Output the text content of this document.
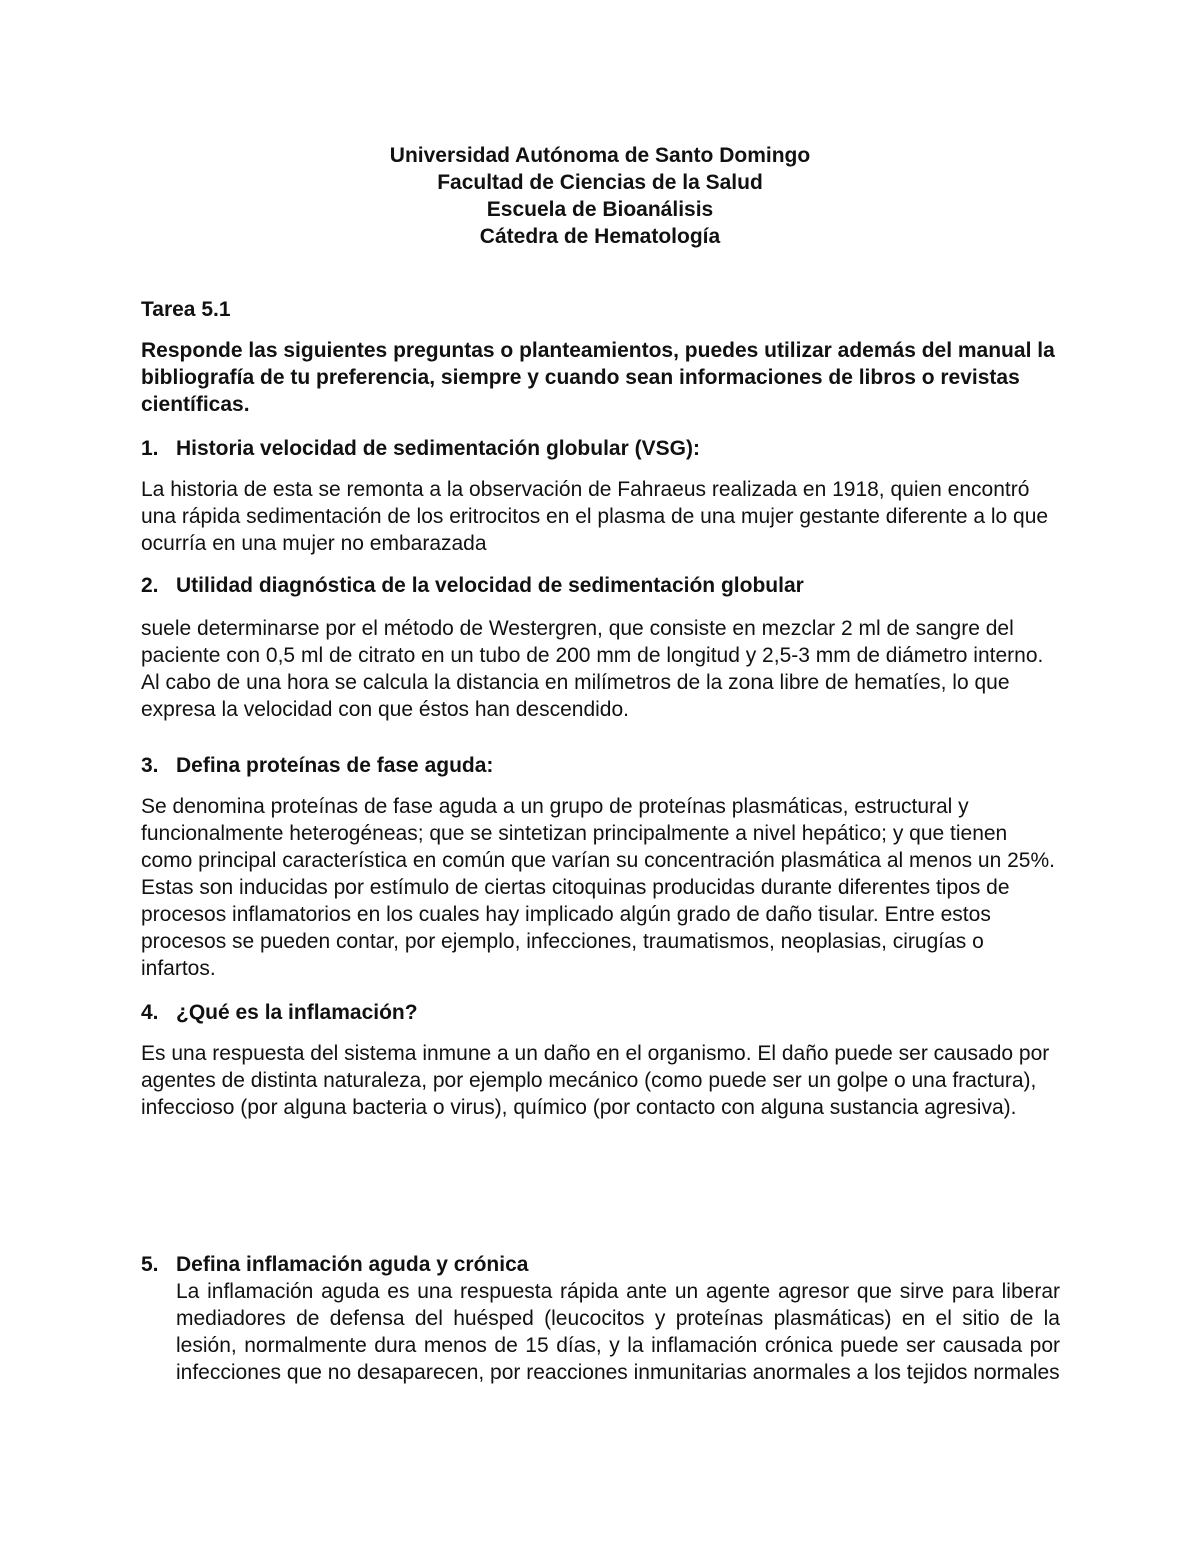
Universidad Autónoma de Santo Domingo
Facultad de Ciencias de la Salud
Escuela de Bioanálisis
Cátedra de Hematología
Tarea 5.1
Responde las siguientes preguntas o planteamientos, puedes utilizar además del manual la bibliografía de tu preferencia, siempre y cuando sean informaciones de libros o revistas científicas.
1. Historia velocidad de sedimentación globular (VSG):
La historia de esta se remonta a la observación de Fahraeus realizada en 1918, quien encontró una rápida sedimentación de los eritrocitos en el plasma de una mujer gestante diferente a lo que ocurría en una mujer no embarazada
2. Utilidad diagnóstica de la velocidad de sedimentación globular
suele determinarse por el método de Westergren, que consiste en mezclar 2 ml de sangre del paciente con 0,5 ml de citrato en un tubo de 200 mm de longitud y 2,5-3 mm de diámetro interno. Al cabo de una hora se calcula la distancia en milímetros de la zona libre de hematíes, lo que expresa la velocidad con que éstos han descendido.
3. Defina proteínas de fase aguda:
Se denomina proteínas de fase aguda a un grupo de proteínas plasmáticas, estructural y funcionalmente heterogéneas; que se sintetizan principalmente a nivel hepático; y que tienen como principal característica en común que varían su concentración plasmática al menos un 25%. Estas son inducidas por estímulo de ciertas citoquinas producidas durante diferentes tipos de procesos inflamatorios en los cuales hay implicado algún grado de daño tisular. Entre estos procesos se pueden contar, por ejemplo, infecciones, traumatismos, neoplasias, cirugías o infartos.
4. ¿Qué es la inflamación?
Es una respuesta del sistema inmune a un daño en el organismo. El daño puede ser causado por agentes de distinta naturaleza, por ejemplo mecánico (como puede ser un golpe o una fractura), infeccioso (por alguna bacteria o virus), químico (por contacto con alguna sustancia agresiva).
5. Defina inflamación aguda y crónica
La inflamación aguda es una respuesta rápida ante un agente agresor que sirve para liberar mediadores de defensa del huésped (leucocitos y proteínas plasmáticas) en el sitio de la lesión, normalmente dura menos de 15 días, y la inflamación crónica puede ser causada por infecciones que no desaparecen, por reacciones inmunitarias anormales a los tejidos normales
